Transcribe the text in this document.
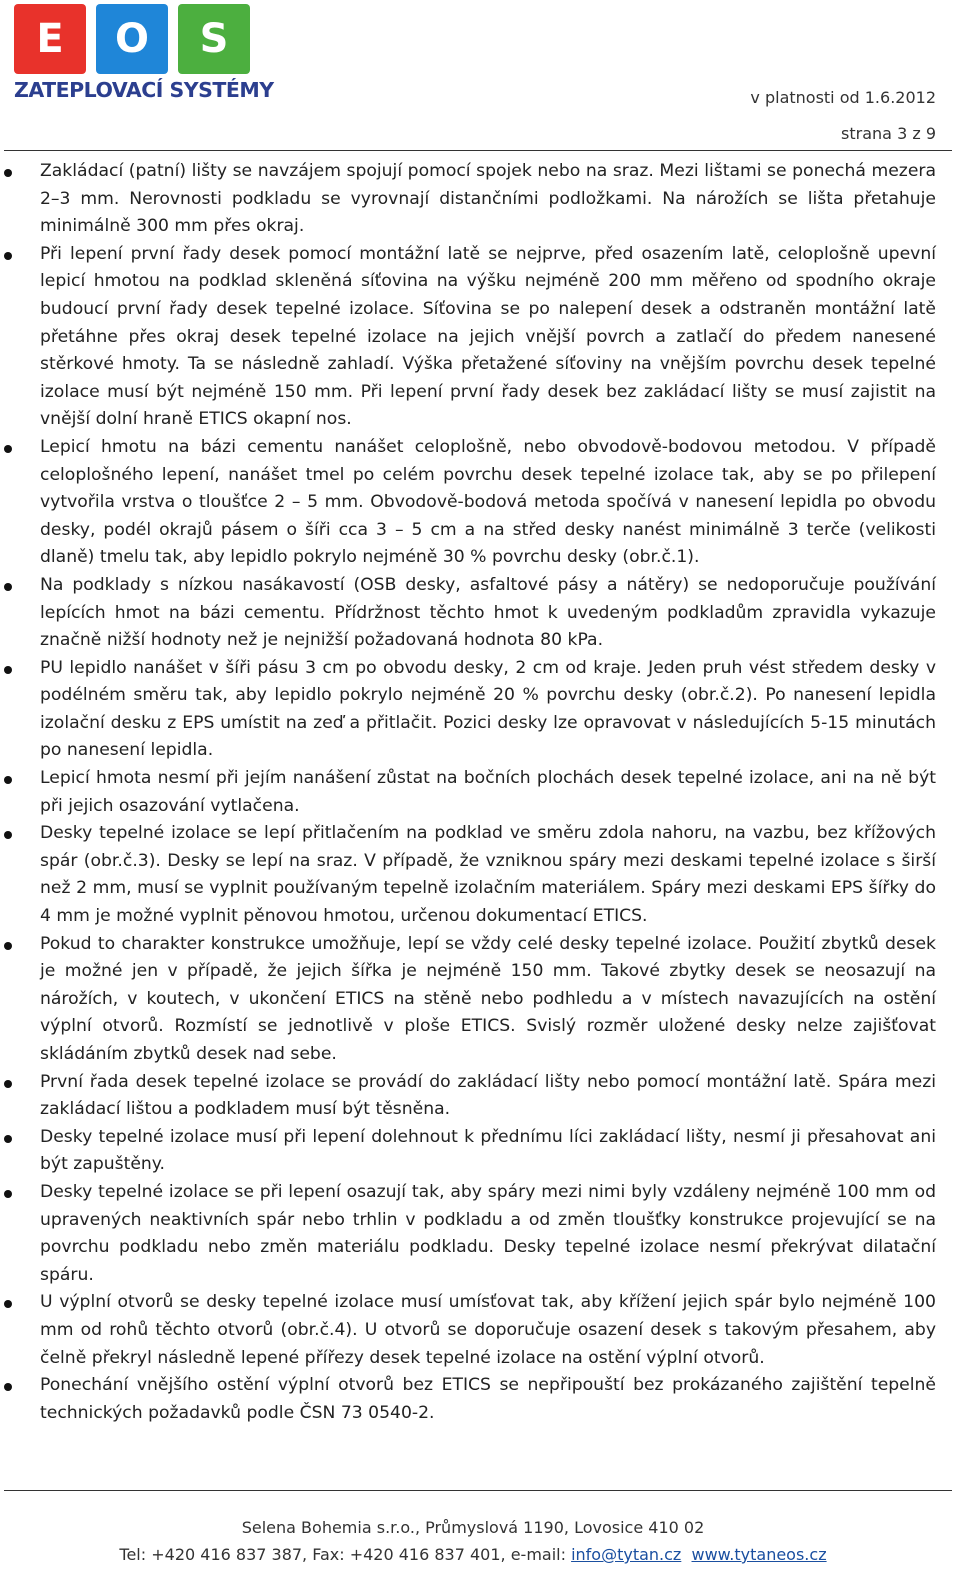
E	O	S
ZATEPLOVACÍ SYSTÉMY	v platnosti od 1.6.2012
strana 3 z 9
Zakládací (patní) lišty se navzájem spojují pomocí spojek nebo na sraz. Mezi lištami se ponechá mezera 2–3 mm. Nerovnosti podkladu se vyrovnají distančními podložkami. Na nárožích se lišta přetahuje minimálně 300 mm přes okraj.
Při lepení první řady desek pomocí montážní latě se nejprve, před osazením latě, celoplošně upevní lepicí hmotou na podklad skleněná síťovina na výšku nejméně 200 mm měřeno od spodního okraje budoucí první řady desek tepelné izolace. Síťovina se po nalepení desek a odstraněn montážní latě přetáhne přes okraj desek tepelné izolace na jejich vnější povrch a zatlačí do předem nanesené stěrkové hmoty. Ta se následně zahladí. Výška přetažené síťoviny na vnějším povrchu desek tepelné izolace musí být nejméně 150 mm. Při lepení první řady desek bez zakládací lišty se musí zajistit na vnější dolní hraně ETICS okapní nos.
Lepicí hmotu na bázi cementu nanášet celoplošně, nebo obvodově-bodovou metodou. V případě celoplošného lepení, nanášet tmel po celém povrchu desek tepelné izolace tak, aby se po přilepení vytvořila vrstva o tloušťce 2 – 5 mm. Obvodově-bodová metoda spočívá v nanesení lepidla po obvodu desky, podél okrajů pásem o šíři cca 3 – 5 cm a na střed desky nanést minimálně 3 terče (velikosti dlaně) tmelu tak, aby lepidlo pokrylo nejméně 30 % povrchu desky (obr.č.1).
Na podklady s nízkou nasákavostí (OSB desky, asfaltové pásy a nátěry) se nedoporučuje používání lepících hmot na bázi cementu. Přídržnost těchto hmot k uvedeným podkladům zpravidla vykazuje značně nižší hodnoty než je nejnižší požadovaná hodnota 80 kPa.
PU lepidlo nanášet v šíři pásu 3 cm po obvodu desky, 2 cm od kraje. Jeden pruh vést středem desky v podélném směru tak, aby lepidlo pokrylo nejméně 20 % povrchu desky (obr.č.2). Po nanesení lepidla izolační desku z EPS umístit na zeď a přitlačit. Pozici desky lze opravovat v následujících 5-15 minutách po nanesení lepidla.
Lepicí hmota nesmí při jejím nanášení zůstat na bočních plochách desek tepelné izolace, ani na ně být při jejich osazování vytlačena.
Desky tepelné izolace se lepí přitlačením na podklad ve směru zdola nahoru, na vazbu, bez křížových spár (obr.č.3). Desky se lepí na sraz. V případě, že vzniknou spáry mezi deskami tepelné izolace s širší než 2 mm, musí se vyplnit používaným tepelně izolačním materiálem. Spáry mezi deskami EPS šířky do 4 mm je možné vyplnit pěnovou hmotou, určenou dokumentací ETICS.
Pokud to charakter konstrukce umožňuje, lepí se vždy celé desky tepelné izolace. Použití zbytků desek je možné jen v případě, že jejich šířka je nejméně 150 mm. Takové zbytky desek se neosazují na nárožích, v koutech, v ukončení ETICS na stěně nebo podhledu a v místech navazujících na ostění výplní otvorů. Rozmístí se jednotlivě v ploše ETICS. Svislý rozměr uložené desky nelze zajišťovat skládáním zbytků desek nad sebe.
První řada desek tepelné izolace se provádí do zakládací lišty nebo pomocí montážní latě. Spára mezi zakládací lištou a podkladem musí být těsněna.
Desky tepelné izolace musí při lepení dolehnout k přednímu líci zakládací lišty, nesmí ji přesahovat ani být zapuštěny.
Desky tepelné izolace se při lepení osazují tak, aby spáry mezi nimi byly vzdáleny nejméně 100 mm od upravených neaktivních spár nebo trhlin v podkladu a od změn tloušťky konstrukce projevující se na povrchu podkladu nebo změn materiálu podkladu. Desky tepelné izolace nesmí překrývat dilatační spáru.
U výplní otvorů se desky tepelné izolace musí umísťovat tak, aby křížení jejich spár bylo nejméně 100 mm od rohů těchto otvorů (obr.č.4). U otvorů se doporučuje osazení desek s takovým přesahem, aby čelně překryl následně lepené přířezy desek tepelné izolace na ostění výplní otvorů.
Ponechání vnějšího ostění výplní otvorů bez ETICS se nepřipouští bez prokázaného zajištění tepelně technických požadavků podle ČSN 73 0540-2.
Selena Bohemia s.r.o., Průmyslová 1190, Lovosice 410 02
Tel: +420 416 837 387, Fax: +420 416 837 401, e-mail: info@tytan.cz www.tytaneos.cz
